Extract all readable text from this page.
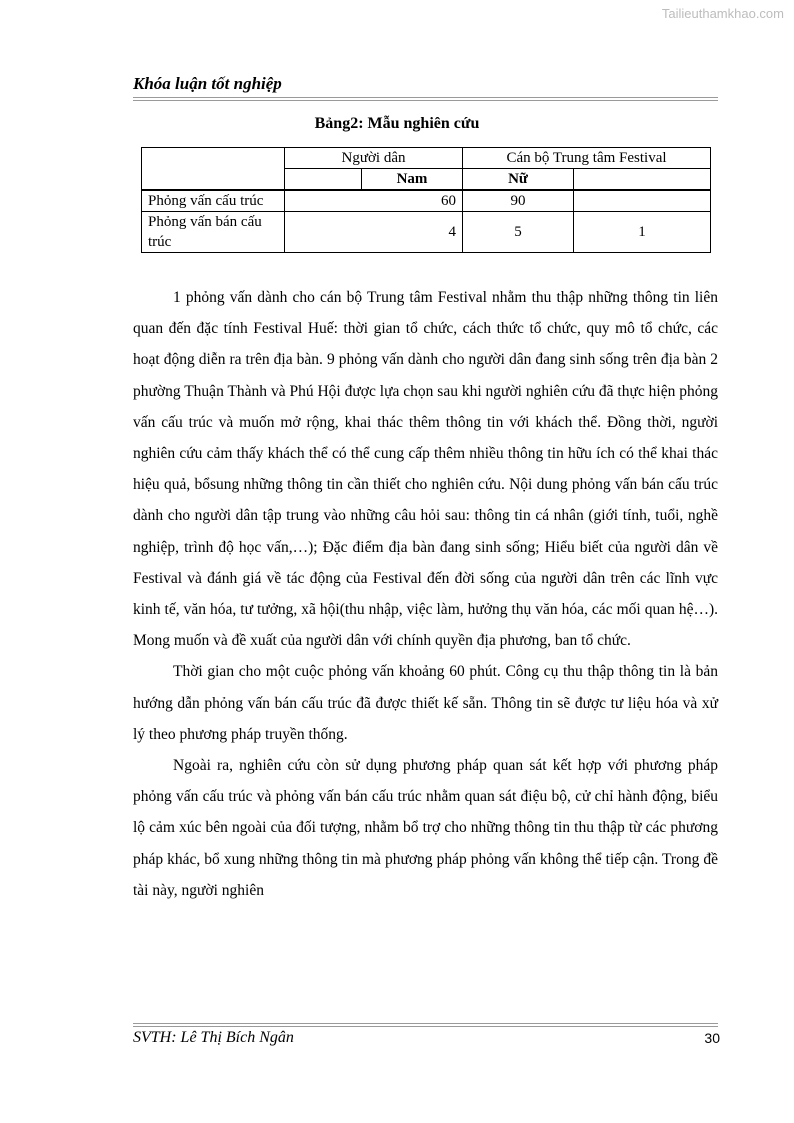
Tailieuthamkhao.com
Khóa luận tốt nghiệp
Bảng2: Mẫu nghiên cứu
	Người dân		Cán bộ Trung tâm Festival	
		Nam	Nữ	
Phỏng vấn cấu trúc	60		90	
Phỏng vấn bán cấu trúc	4		5	1

1 phỏng vấn dành cho cán bộ Trung tâm Festival nhằm thu thập những thông tin liên quan đến đặc tính Festival Huế: thời gian tổ chức, cách thức tổ chức, quy mô tổ chức, các hoạt động diễn ra trên địa bàn. 9 phỏng vấn dành cho người dân đang sinh sống trên địa bàn 2 phường Thuận Thành và Phú Hội được lựa chọn sau khi người nghiên cứu đã thực hiện phỏng vấn cấu trúc và muốn mở rộng, khai thác thêm thông tin với khách thể. Đồng thời, người nghiên cứu cảm thấy khách thể có thể cung cấp thêm nhiều thông tin hữu ích có thể khai thác hiệu quả, bổsung những thông tin cần thiết cho nghiên cứu. Nội dung phỏng vấn bán cấu trúc dành cho người dân tập trung vào những câu hỏi sau: thông tin cá nhân (giới tính, tuổi, nghề nghiệp, trình độ học vấn,…); Đặc điểm địa bàn đang sinh sống; Hiểu biết của người dân về Festival và đánh giá về tác động của Festival đến đời sống của người dân trên các lĩnh vực kinh tế, văn hóa, tư tưởng, xã hội(thu nhập, việc làm, hưởng thụ văn hóa, các mối quan hệ…). Mong muốn và đề xuất của người dân với chính quyền địa phương, ban tổ chức.

Thời gian cho một cuộc phỏng vấn khoảng 60 phút. Công cụ thu thập thông tin là bản hướng dẫn phỏng vấn bán cấu trúc đã được thiết kế sẵn. Thông tin sẽ được tư liệu hóa và xử lý theo phương pháp truyền thống.

Ngoài ra, nghiên cứu còn sử dụng phương pháp quan sát kết hợp với phương pháp phỏng vấn cấu trúc và phỏng vấn bán cấu trúc nhằm quan sát điệu bộ, cử chỉ hành động, biểu lộ cảm xúc bên ngoài của đối tượng, nhằm bổ trợ cho những thông tin thu thập từ các phương pháp khác, bổ xung những thông tin mà phương pháp phỏng vấn không thể tiếp cận. Trong đề tài này, người nghiên

SVTH: Lê Thị Bích Ngân	30
